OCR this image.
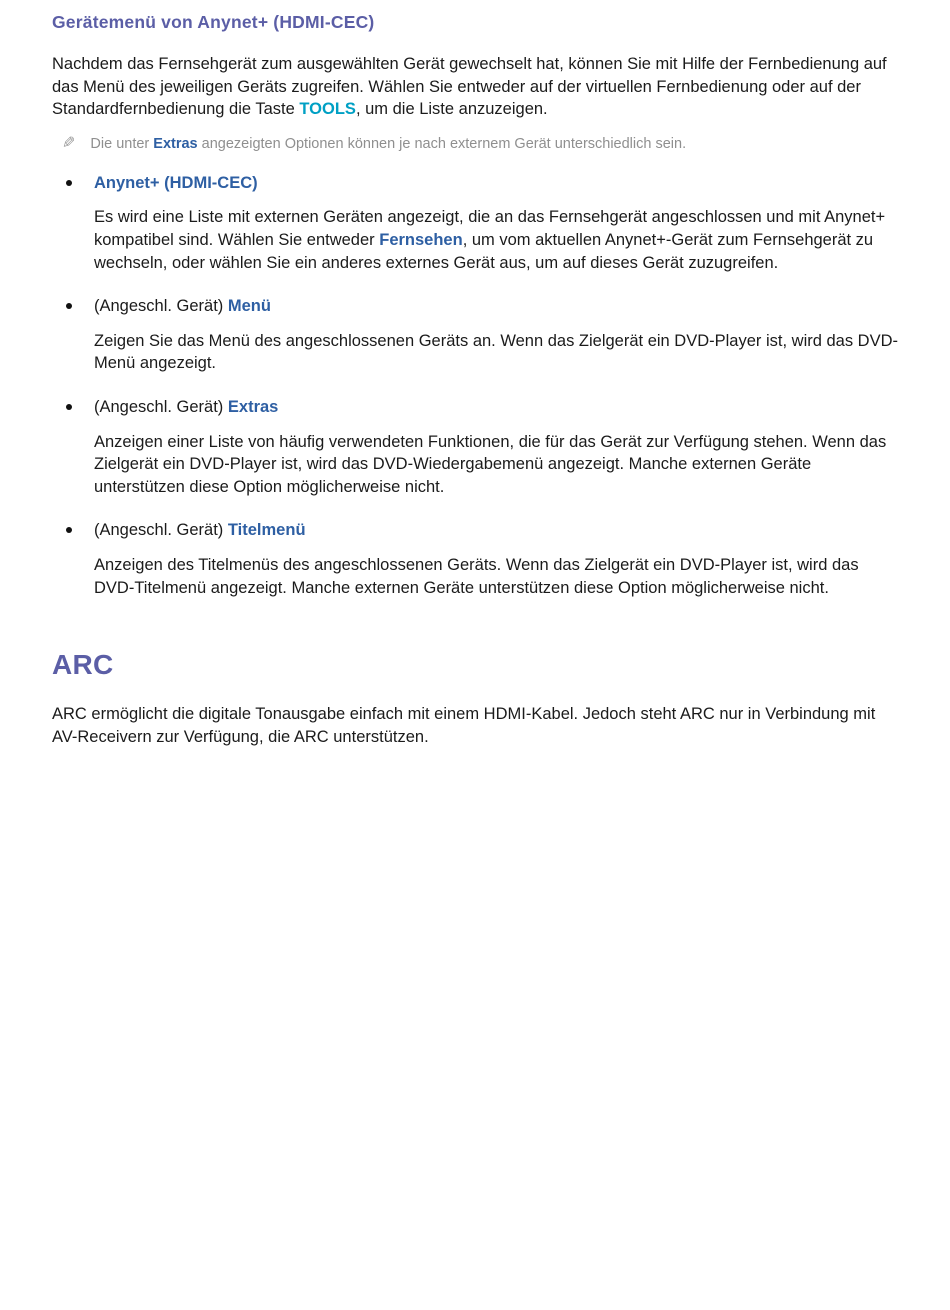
Gerätemenü von Anynet+ (HDMI-CEC)

Nachdem das Fernsehgerät zum ausgewählten Gerät gewechselt hat, können Sie mit Hilfe der Fernbedienung auf das Menü des jeweiligen Geräts zugreifen. Wählen Sie entweder auf der virtuellen Fernbedienung oder auf der Standardfernbedienung die Taste TOOLS, um die Liste anzuzeigen.

✎ Die unter Extras angezeigten Optionen können je nach externem Gerät unterschiedlich sein.

Anynet+ (HDMI-CEC)

Es wird eine Liste mit externen Geräten angezeigt, die an das Fernsehgerät angeschlossen und mit Anynet+ kompatibel sind. Wählen Sie entweder Fernsehen, um vom aktuellen Anynet+-Gerät zum Fernsehgerät zu wechseln, oder wählen Sie ein anderes externes Gerät aus, um auf dieses Gerät zuzugreifen.

(Angeschl. Gerät) Menü

Zeigen Sie das Menü des angeschlossenen Geräts an. Wenn das Zielgerät ein DVD-Player ist, wird das DVD-Menü angezeigt.

(Angeschl. Gerät) Extras

Anzeigen einer Liste von häufig verwendeten Funktionen, die für das Gerät zur Verfügung stehen. Wenn das Zielgerät ein DVD-Player ist, wird das DVD-Wiedergabemenü angezeigt. Manche externen Geräte unterstützen diese Option möglicherweise nicht.

(Angeschl. Gerät) Titelmenü

Anzeigen des Titelmenüs des angeschlossenen Geräts. Wenn das Zielgerät ein DVD-Player ist, wird das DVD-Titelmenü angezeigt. Manche externen Geräte unterstützen diese Option möglicherweise nicht.

ARC

ARC ermöglicht die digitale Tonausgabe einfach mit einem HDMI-Kabel. Jedoch steht ARC nur in Verbindung mit AV-Receivern zur Verfügung, die ARC unterstützen.
